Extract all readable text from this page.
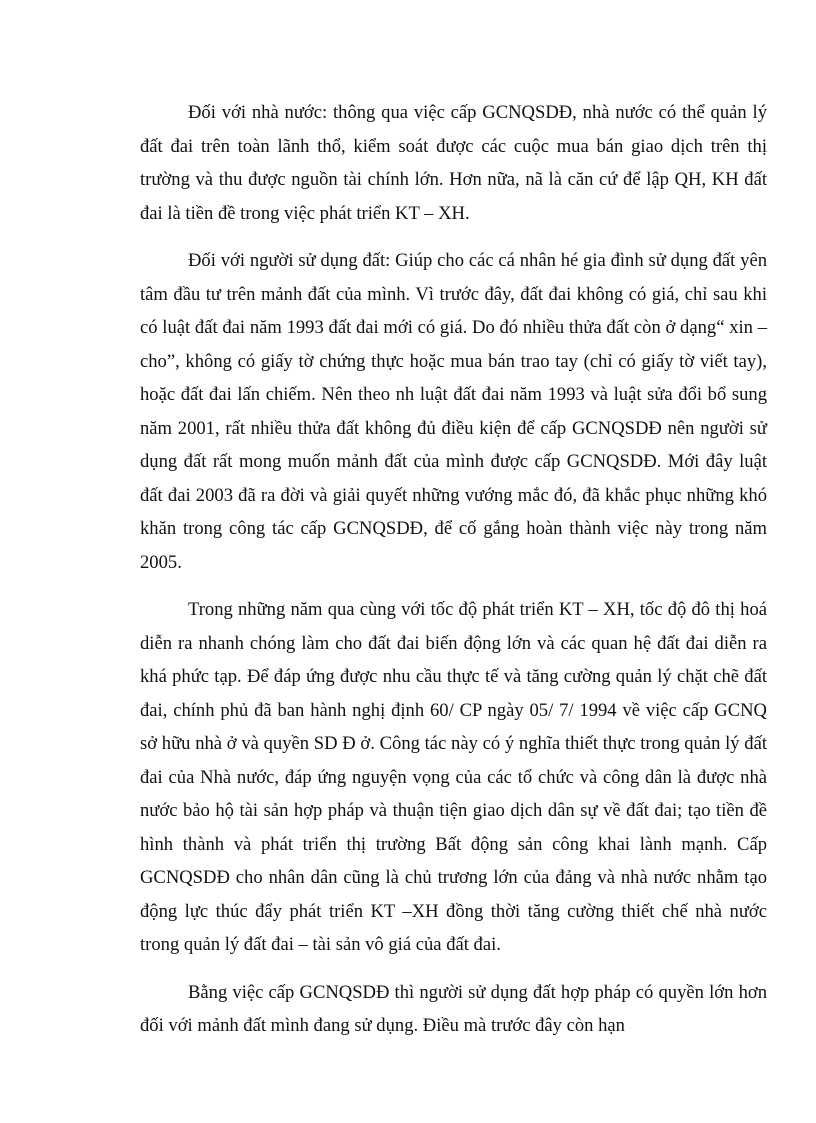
Đối với nhà nước: thông qua việc cấp GCNQSDĐ, nhà nước có thể quản lý đất đai trên toàn lãnh thổ, kiểm soát được các cuộc mua bán giao dịch trên thị trường và thu được nguồn tài chính lớn. Hơn nữa, nã là căn cứ để lập QH, KH đất đai là tiền đề trong việc phát triển KT – XH.

Đối với người sử dụng đất: Giúp cho các cá nhân hé gia đình sử dụng đất yên tâm đầu tư trên mảnh đất của mình. Vì trước đây, đất đai không có giá, chỉ sau khi có luật đất đai năm 1993 đất đai mới có giá. Do đó nhiều thửa đất còn ở dạng“ xin – cho”, không có giấy tờ chứng thực hoặc mua bán trao tay (chỉ có giấy tờ viết tay), hoặc đất đai lấn chiếm. Nên theo nh luật đất đai năm 1993 và luật sửa đổi bổ sung năm 2001, rất nhiều thửa đất không đủ điều kiện để cấp GCNQSDĐ nên người sử dụng đất rất mong muốn mảnh đất của mình được cấp GCNQSDĐ. Mới đây luật đất đai 2003 đã ra đời và giải quyết những vướng mắc đó, đã khắc phục những khó khăn trong công tác cấp GCNQSDĐ, để cố gắng hoàn thành việc này trong năm 2005.

Trong những năm qua cùng với tốc độ phát triển KT – XH, tốc độ đô thị hoá diễn ra nhanh chóng làm cho đất đai biến động lớn và các quan hệ đất đai diễn ra khá phức tạp. Để đáp ứng được nhu cầu thực tế và tăng cường quản lý chặt chẽ đất đai, chính phủ đã ban hành nghị định 60/ CP ngày 05/ 7/ 1994 về việc cấp GCNQ sở hữu nhà ở và quyền SD Đ ở. Công tác này có ý nghĩa thiết thực trong quản lý đất đai của Nhà nước, đáp ứng nguyện vọng của các tổ chức và công dân là được nhà nước bảo hộ tài sản hợp pháp và thuận tiện giao dịch dân sự về đất đai; tạo tiền đề hình thành và phát triển thị trường Bất động sản công khai lành mạnh. Cấp GCNQSDĐ cho nhân dân cũng là chủ trương lớn của đảng và nhà nước nhằm tạo động lực thúc đẩy phát triển KT –XH đồng thời tăng cường thiết chế nhà nước trong quản lý đất đai – tài sản vô giá của đất đai.

Bằng việc cấp GCNQSDĐ thì người sử dụng đất hợp pháp có quyền lớn hơn đối với mảnh đất mình đang sử dụng. Điều mà trước đây còn hạn
